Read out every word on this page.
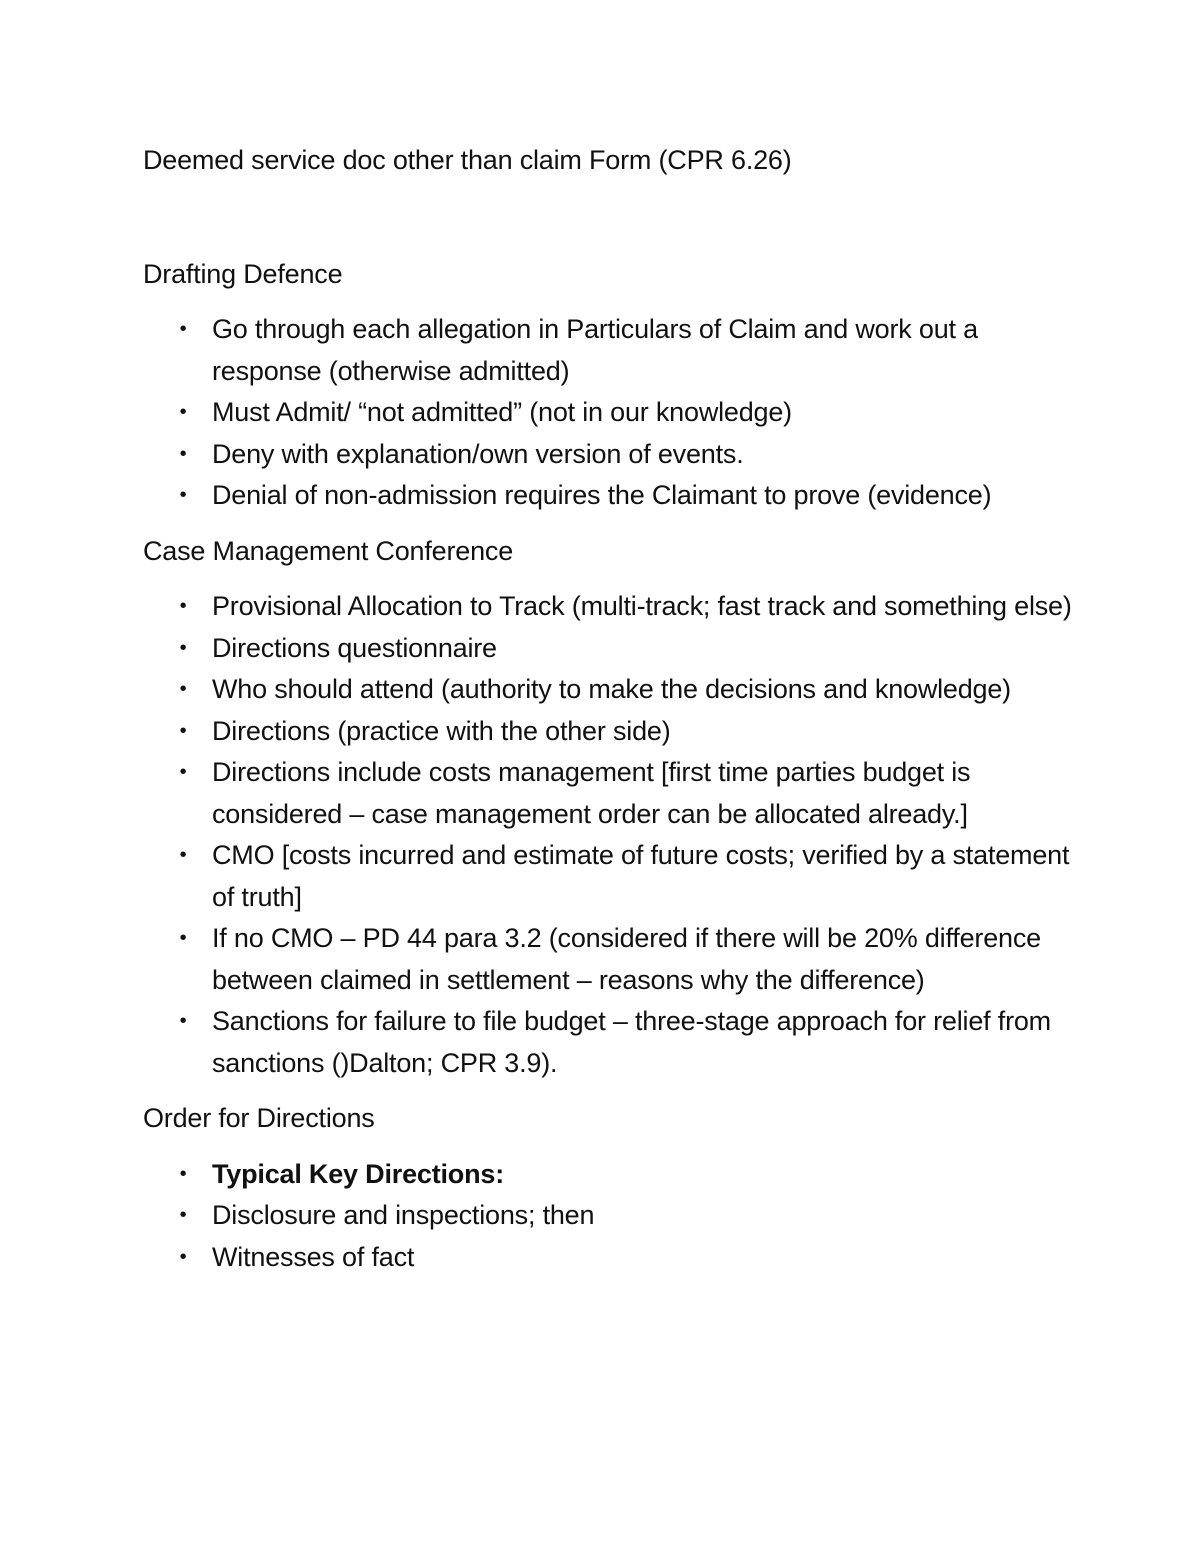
Deemed service doc other than claim Form (CPR 6.26)

Drafting Defence

• Go through each allegation in Particulars of Claim and work out a response (otherwise admitted)
• Must Admit/ “not admitted” (not in our knowledge)
• Deny with explanation/own version of events.
• Denial of non-admission requires the Claimant to prove (evidence)

Case Management Conference

• Provisional Allocation to Track (multi-track; fast track and something else)
• Directions questionnaire
• Who should attend (authority to make the decisions and knowledge)
• Directions (practice with the other side)
• Directions include costs management [first time parties budget is considered – case management order can be allocated already.]
• CMO [costs incurred and estimate of future costs; verified by a statement of truth]
• If no CMO – PD 44 para 3.2 (considered if there will be 20% difference between claimed in settlement – reasons why the difference)
• Sanctions for failure to file budget – three-stage approach for relief from sanctions ()Dalton; CPR 3.9).

Order for Directions

• Typical Key Directions:
• Disclosure and inspections; then
• Witnesses of fact
